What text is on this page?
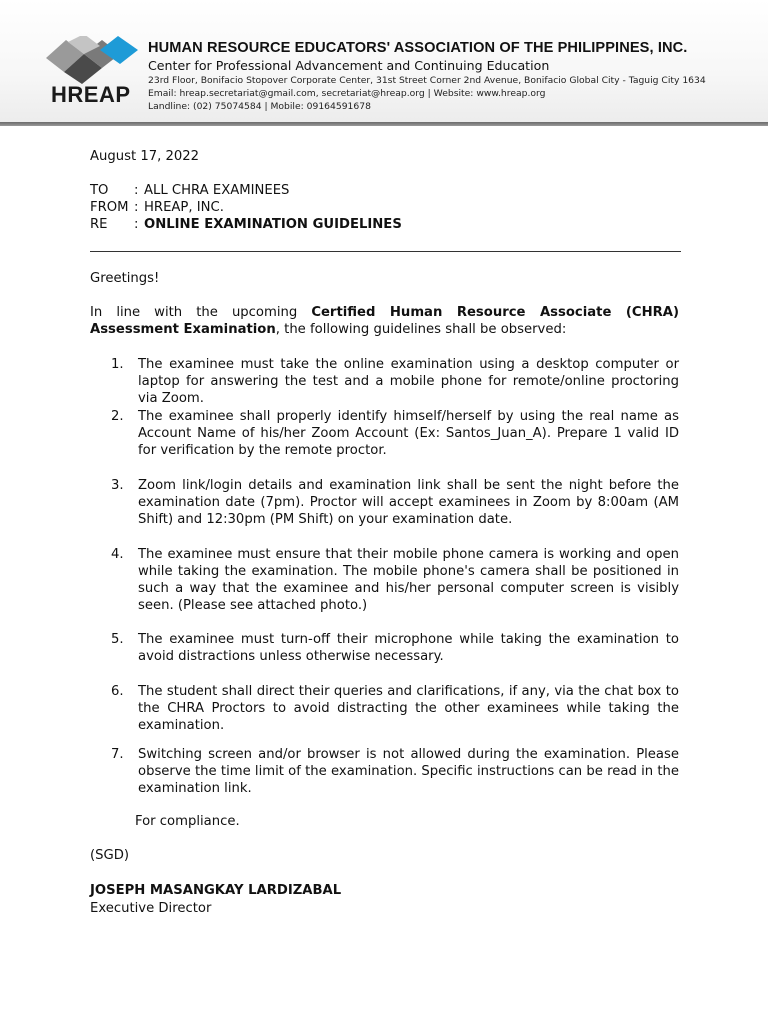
HREAP
HUMAN RESOURCE EDUCATORS' ASSOCIATION OF THE PHILIPPINES, INC.
Center for Professional Advancement and Continuing Education
23rd Floor, Bonifacio Stopover Corporate Center, 31st Street Corner 2nd Avenue, Bonifacio Global City - Taguig City 1634
Email: hreap.secretariat@gmail.com, secretariat@hreap.org | Website: www.hreap.org
Landline: (02) 75074584 | Mobile: 09164591678
August 17, 2022
TO	: ALL CHRA EXAMINEES
FROM : HREAP, INC.
RE	: ONLINE EXAMINATION GUIDELINES
Greetings!
In line with the upcoming Certified Human Resource Associate (CHRA) Assessment Examination, the following guidelines shall be observed:
1. The examinee must take the online examination using a desktop computer or laptop for answering the test and a mobile phone for remote/online proctoring via Zoom.
2. The examinee shall properly identify himself/herself by using the real name as Account Name of his/her Zoom Account (Ex: Santos_Juan_A). Prepare 1 valid ID for verification by the remote proctor.
3. Zoom link/login details and examination link shall be sent the night before the examination date (7pm). Proctor will accept examinees in Zoom by 8:00am (AM Shift) and 12:30pm (PM Shift) on your examination date.
4. The examinee must ensure that their mobile phone camera is working and open while taking the examination. The mobile phone's camera shall be positioned in such a way that the examinee and his/her personal computer screen is visibly seen. (Please see attached photo.)
5. The examinee must turn-off their microphone while taking the examination to avoid distractions unless otherwise necessary.
6. The student shall direct their queries and clarifications, if any, via the chat box to the CHRA Proctors to avoid distracting the other examinees while taking the examination.
7. Switching screen and/or browser is not allowed during the examination. Please observe the time limit of the examination. Specific instructions can be read in the examination link.
For compliance.
(SGD)
JOSEPH MASANGKAY LARDIZABAL
Executive Director
